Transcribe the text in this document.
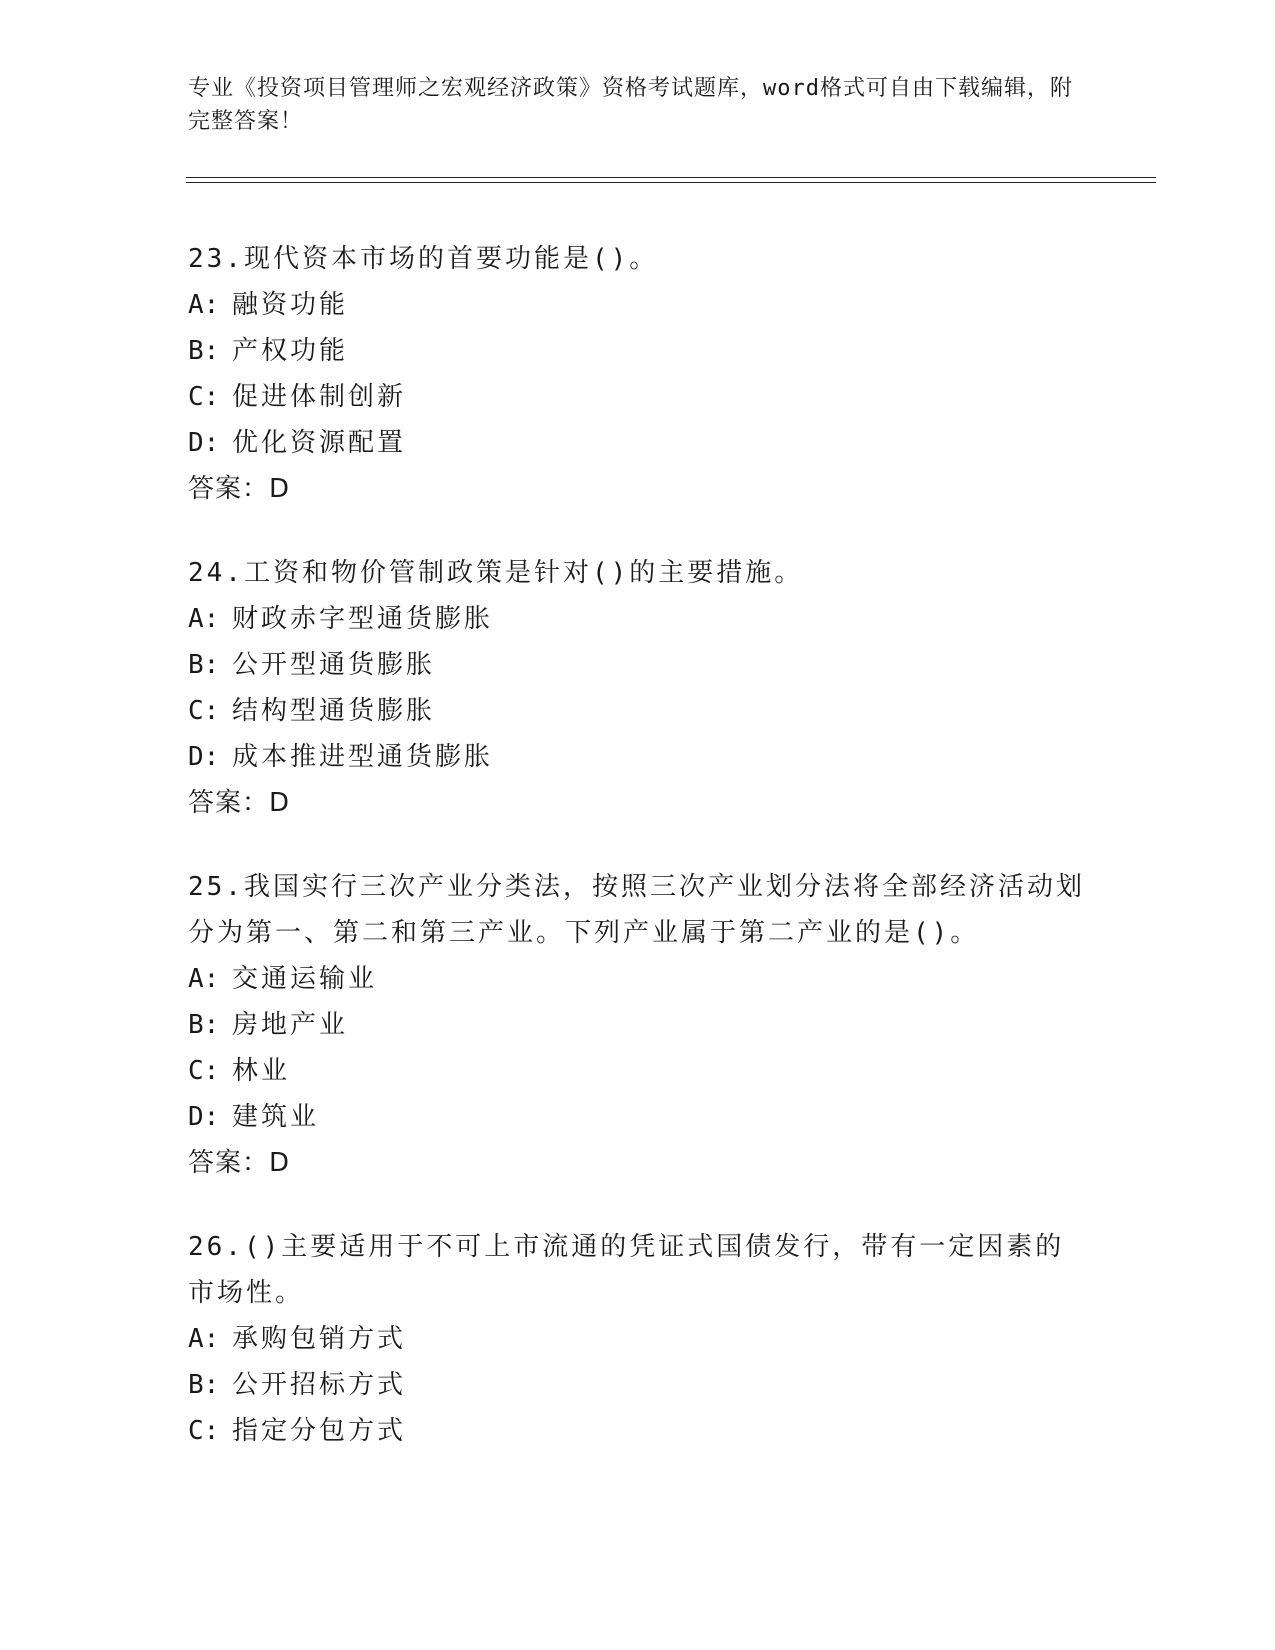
专业《投资项目管理师之宏观经济政策》资格考试题库，word格式可自由下载编辑，附完整答案！
23.现代资本市场的首要功能是()。
A: 融资功能
B: 产权功能
C: 促进体制创新
D: 优化资源配置
答案：D
24.工资和物价管制政策是针对()的主要措施。
A: 财政赤字型通货膨胀
B: 公开型通货膨胀
C: 结构型通货膨胀
D: 成本推进型通货膨胀
答案：D
25.我国实行三次产业分类法，按照三次产业划分法将全部经济活动划分为第一、第二和第三产业。下列产业属于第二产业的是()。
A: 交通运输业
B: 房地产业
C: 林业
D: 建筑业
答案：D
26.()主要适用于不可上市流通的凭证式国债发行，带有一定因素的市场性。
A: 承购包销方式
B: 公开招标方式
C: 指定分包方式
